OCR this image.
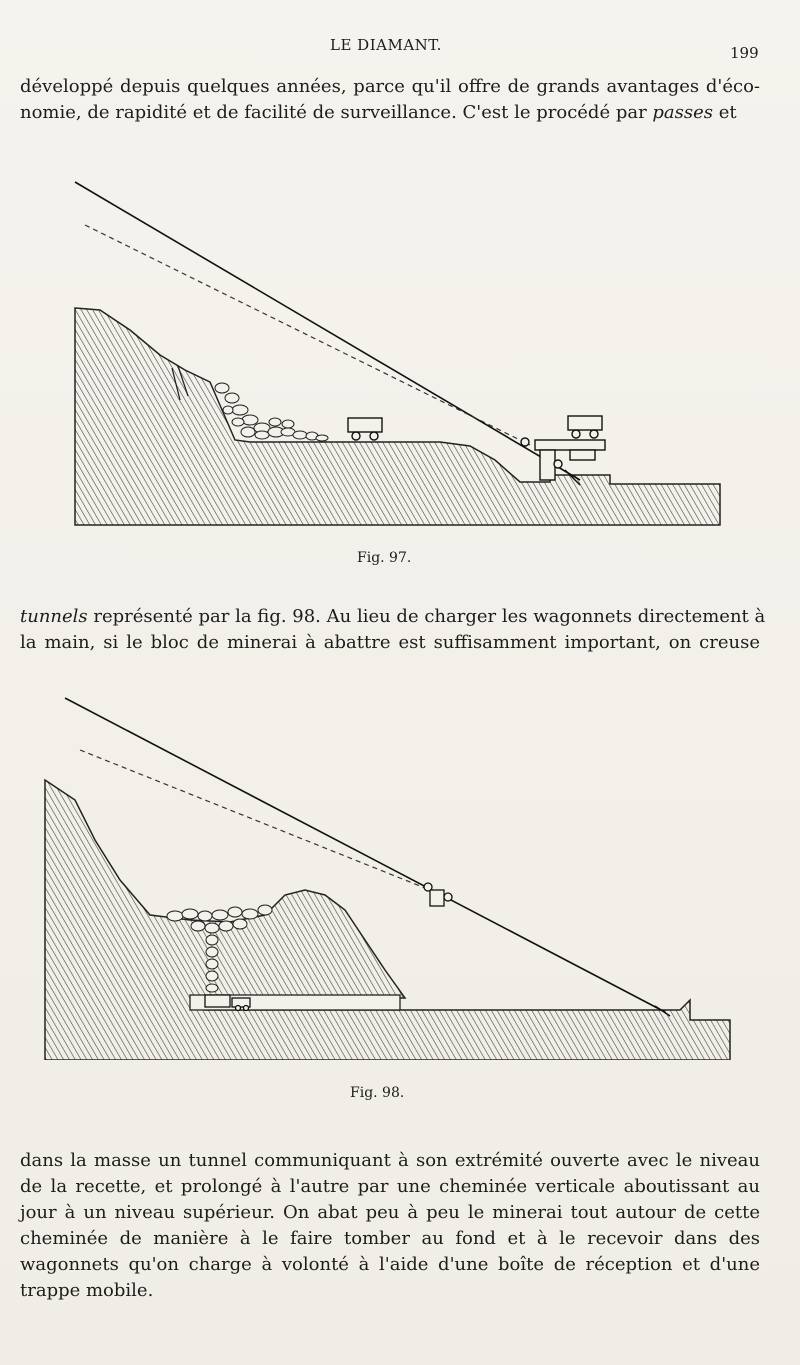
LE DIAMANT.	199
développé depuis quelques années, parce qu'il offre de grands avantages d'éco-
nomie, de rapidité et de facilité de surveillance. C'est le procédé par passes et
Fig. 97.
tunnels représenté par la fig. 98. Au lieu de charger les wagonnets directement à
la main, si le bloc de minerai à abattre est suffisamment important, on creuse
Fig. 98.
dans la masse un tunnel communiquant à son extrémité ouverte avec le niveau
de la recette, et prolongé à l'autre par une cheminée verticale aboutissant au
jour à un niveau supérieur. On abat peu à peu le minerai tout autour de cette
cheminée de manière à le faire tomber au fond et à le recevoir dans des
wagonnets qu'on charge à volonté à l'aide d'une boîte de réception et d'une
trappe mobile.
